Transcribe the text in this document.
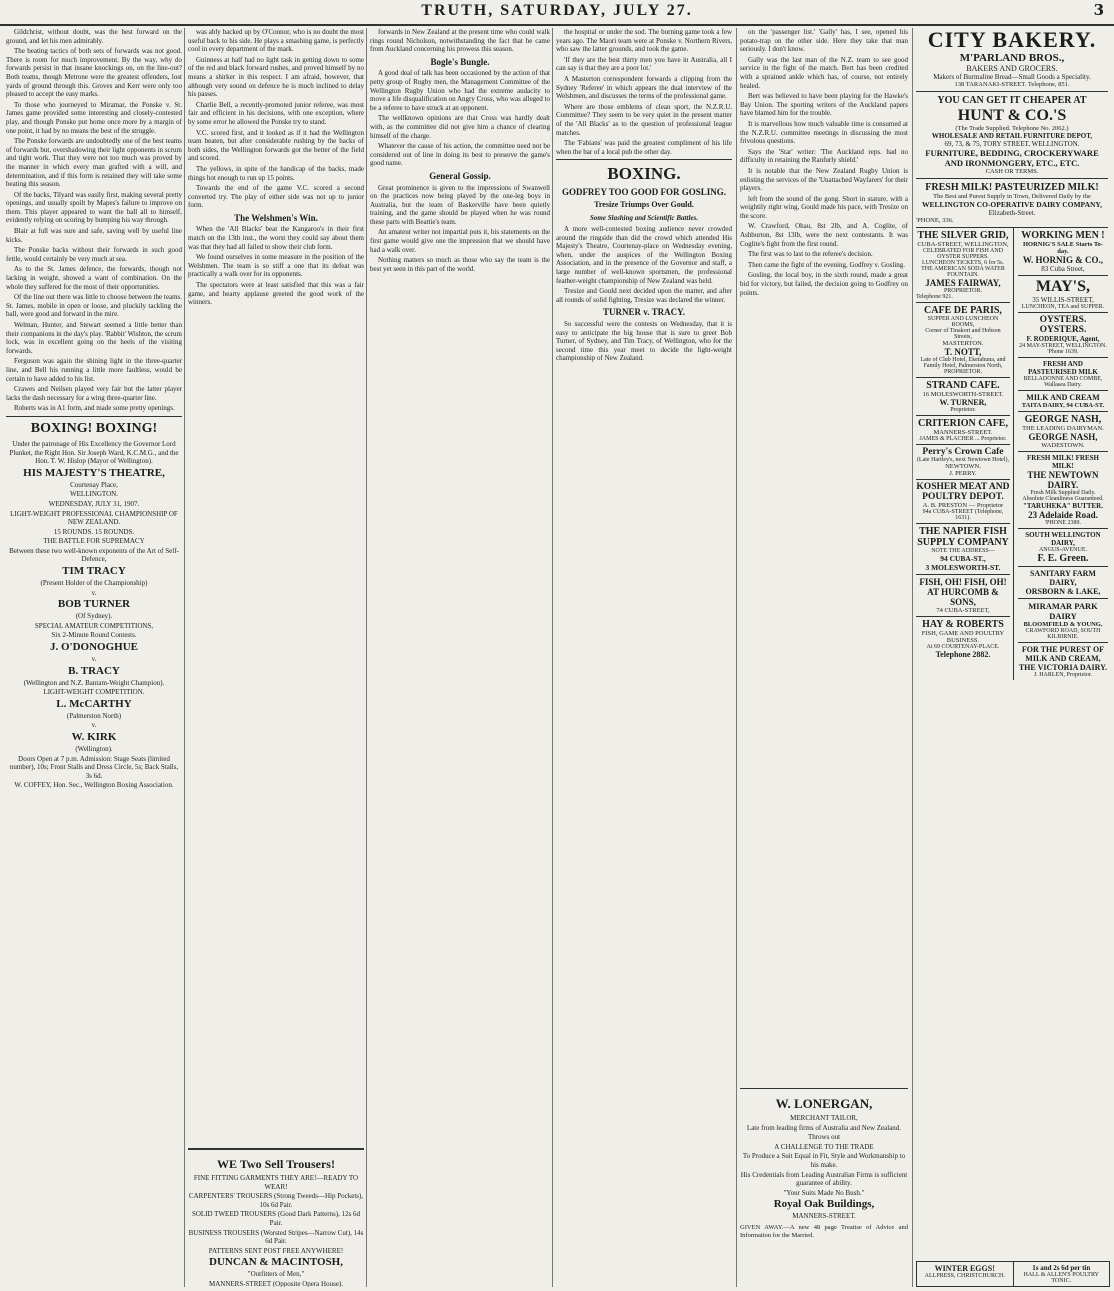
TRUTH, SATURDAY, JULY 27.	3

Gildchrist, without doubt, was the best forward on the ground, and let his men admirably.

The beating tactics of both sets of forwards was not good. There is room for much improvement. By the way, why do forwards persist in that insane knockings on, on the line-out? Both teams, though Metrone were the greatest offenders, lost yards of ground through this. Groves and Kerr were only too pleased to accept the easy marks.

To those who journeyed to Miramar, the Ponske v. St. James game provided some interesting and closely-contested play, and though Ponske put home once more by a margin of one point, it had by no means the best of the struggle.

The Ponske forwards are undoubtedly one of the best teams of forwards but, overshadowing their light opponents in scrum and tight work. That they were not too much was proved by the manner in which every man grafted with a will, and determination, and if this form is retained they will take some beating this season.

Of the backs, Tilyard was easily first, making several pretty openings, and usually spoilt by Mapes's failure to improve on them. This player appeared to want the ball all to himself, evidently relying on scoring by bumping his way through.

Blair at full was sure and safe, saving well by useful line kicks.

The Ponske backs without their forwards in such good fettle, would certainly be very much at sea.

As to the St. James defence, the forwards, though not lacking in weight, showed a want of combination. On the whole they suffered for the most of their opportunities.

Of the line out there was little to choose between the teams. St. James, mobile in open or loose, and pluckily tackling the ball, were good and forward in the mire.

Welman, Hunter, and Stewart seemed a little better than their companions in the day's play. 'Rabbit' Wishton, the scrum lock, was in excellent going on the heels of the visiting forwards.

Ferguson was again the shining light in the three-quarter line, and Bell his running a little more faultless, would be certain to have added to his list.

Crawes and Neilsen played very fair but the latter player lacks the dash necessary for a wing three-quarter line.

Roberts was in A1 form, and made some pretty openings.

BOXING! BOXING!
Under the patronage of His Excellency the Governor Lord Plunket, the Right Hon. Sir Joseph Ward, K.C.M.G., and the Hon. T. W. Hislop (Mayor of Wellington).
HIS MAJESTY'S THEATRE,
Courtenay Place,
WELLINGTON.
WEDNESDAY, JULY 31, 1907.
LIGHT-WEIGHT PROFESSIONAL CHAMPIONSHIP OF NEW ZEALAND.
15 ROUNDS. 15 ROUNDS.
THE BATTLE FOR SUPREMACY
Between these two well-known exponents of the Art of Self-Defence,
TIM TRACY
(Present Holder of the Championship)
v.
BOB TURNER
(Of Sydney).
SPECIAL AMATEUR COMPETITIONS,
Six 2-Minute Round Contests.
J. O'DONOGHUE
v.
B. TRACY
(Wellington and N.Z. Bantam-Weight Champion).
LIGHT-WEIGHT COMPETITION.
L. McCARTHY
(Palmerston North)
v.
W. KIRK
(Wellington).
Doors Open at 7 p.m. Admission: Stage Seats (limited number), 10s; Front Stalls and Dress Circle, 5s; Back Stalls, 3s 6d.
W. COFFEY, Hon. Sec., Wellington Boxing Association.

was ably backed up by O'Connor, who is no doubt the most useful back to his side. He plays a smashing game, is perfectly cool in every department of the mark.

Guinness at half had no light task in getting down to some of the red and black forward rushes, and proved himself by no means a shirker in this respect. I am afraid, however, that although very sound on defence he is much inclined to delay his passes.

Charlie Bell, a recently-promoted junior referee, was most fair and efficient in his decisions, with one exception, where by some error he allowed the Ponske try to stand.

V.C. scored first, and it looked as if it had the Wellington team beaten, but after considerable rushing by the backs of both sides, the Wellington forwards got the better of the field and scored.

The yellows, in spite of the handicap of the backs, made things hot enough to run up 15 points.

Towards the end of the game V.C. scored a second converted try. The play of either side was not up to junior form.

The Welshmen's Win.

When the 'All Blacks' beat the Kangaroo's in their first match on the 13th inst., the worst they could say about them was that they had all failed to show their club form.

We found ourselves in some measure in the position of the Welshmen. The team is so stiff a one that its defeat was practically a walk over for its opponents.

The spectators were at least satisfied that this was a fair game, and hearty applause greeted the good work of the winners.

WE Two Sell Trousers!
FINE FITTING GARMENTS THEY ARE!—READY TO WEAR!
CARPENTERS' TROUSERS (Strong Tweeds—Hip Pockets), 10s 6d Pair.
SOLID TWEED TROUSERS (Good Dark Patterns), 12s 6d Pair.
BUSINESS TROUSERS (Worsted Stripes—Narrow Cut), 14s 6d Pair.
PATTERNS SENT POST FREE ANYWHERE!
DUNCAN & MACINTOSH,
"Outfitters of Men,"
MANNERS-STREET (Opposite Opera House).

forwards in New Zealand at the present time who could walk rings round Nicholson, notwithstanding the fact that he came from Auckland concerning his prowess this season.

Bogle's Bungle.

A good deal of talk has been occasioned by the action of that petty group of Rugby men, the Management Committee of the Wellington Rugby Union who had the extreme audacity to move a life disqualification on Angry Cross, who was alleged to be a referee to have struck at an opponent.

The wellknown opinions are that Cross was hardly dealt with, as the committee did not give him a chance of clearing himself of the charge.

Whatever the cause of his action, the committee need not be considered out of line in doing its best to preserve the game's good name.

General Gossip.

Great prominence is given to the impressions of Swanwell on the practices now being played by the one-leg boys in Australia, but the team of Baskerville have been quietly training, and the game should be played when he was round these parts with Beattie's team.

An amateur writer not impartial puts it, his statements on the first game would give one the impression that we should have had a walk over.

Nothing matters so much as those who say the team is the best yet seen in this part of the world.

the hospital or under the sod. The burning game took a few years ago. The Maori team were at Ponske v. Northern Rivers, who saw the latter grounds, and took the game.

'If they are the best thirty men you have in Australia, all I can say is that they are a poor lot.'

A Masterton correspondent forwards a clipping from the Sydney 'Referee' in which appears the dual interview of the Welshmen, and discusses the terms of the professional game.

Where are those emblems of clean sport, the N.Z.R.U. Committee? They seem to be very quiet in the present matter of the 'All Blacks' as to the question of professional league matches.

The 'Fabians' was paid the greatest compliment of his life when the bar of a local pub the other day.

BOXING.
GODFREY TOO GOOD FOR GOSLING.
Tresize Triumps Over Gould.
Some Slashing and Scientific Battles.

A more well-contested boxing audience never crowded around the ringside than did the crowd which attended His Majesty's Theatre, Courtenay-place on Wednesday evening, when, under the auspices of the Wellington Boxing Association, and in the presence of the Governor and staff, a large number of well-known sportsmen, the professional feather-weight championship of New Zealand was held.

Tresize and Gould next decided upon the matter, and after all rounds of solid fighting, Tresize was declared the winner.

TURNER v. TRACY.

So successful were the contests on Wednesday, that it is easy to anticipate the big house that is sure to greet Bob Turner, of Sydney, and Tim Tracy, of Wellington, who for the second time this year meet to decide the light-weight championship of New Zealand.

on the 'passenger list.' 'Gally' has, I see, opened his potato-trap on the other side. Here they take that man seriously. I don't know.

Gally was the last man of the N.Z. team to see good service in the fight of the match. Bert has been credited with a sprained ankle which has, of course, not entirely healed.

Bert was believed to have been playing for the Hawke's Bay Union. The sporting writers of the Auckland papers have blamed him for the trouble.

It is marvellous how much valuable time is consumed at the N.Z.R.U. committee meetings in discussing the most frivolous questions.

Says the 'Star' writer: 'The Auckland reps. had no difficulty in retaining the Ranfurly shield.'

It is notable that the New Zealand Rugby Union is enlisting the services of the 'Unattached Wayfarers' for their players.

left from the sound of the gong. Short in stature, with a weightily right wing, Gould made his pace, with Tresize on the score.

W. Crawford, Ohau, 8st 2lb, and A. Coglite, of Ashburton, 8st 13lb, were the next contestants. It was Coglite's fight from the first round.

The first was to last to the referee's decision.

Then came the fight of the evening, Godfrey v. Gosling.

Gosling, the local boy, in the sixth round, made a great bid for victory, but failed, the decision going to Godfrey on points.

W. LONERGAN,
MERCHANT TAILOR,
Late from leading firms of Australia and New Zealand.
Throws out
A CHALLENGE TO THE TRADE
To Produce a Suit Equal in Fit, Style and Workmanship to his make.
His Credentials from Leading Australian Firms is sufficient guarantee of ability.
"Your Suits Made No Bush."
Royal Oak Buildings,
MANNERS-STREET.
GIVEN AWAY.—A new 48 page Treatise of Advice and Information for the Married.
CITY BAKERY.
M'PARLAND BROS.,
BAKERS AND GROCERS.
Makers of Burmaline Bread—Small Goods a Speciality.
138 TARANAKI-STREET. Telephone, 851.
YOU CAN GET IT CHEAPER AT
HUNT & CO.'S
(The Trade Supplied. Telephone No. 2062.)
WHOLESALE AND RETAIL FURNITURE DEPOT,
69, 73, & 75, TORY STREET, WELLINGTON.
FURNITURE, BEDDING, CROCKERYWARE AND IRONMONGERY, ETC., ETC.
CASH OR TERMS.
FRESH MILK! PASTEURIZED MILK!
The Best and Purest Supply in Town, Delivered Daily by the
WELLINGTON CO-OPERATIVE DAIRY COMPANY,
Elizabeth-Street.
'PHONE, 336.
THE SILVER GRID,
CUBA-STREET, WELLINGTON,
CELEBRATED FOR FISH AND OYSTER SUPPERS.
LUNCHEON TICKETS, 6 for 5s.
THE AMERICAN SODA WATER FOUNTAIN.
JAMES FAIRWAY,
PROPRIETOR.
Telephone 921.
CAFE DE PARIS,
SUPPER AND LUNCHEON ROOMS,
Corner of Tinakori and Hobson Streets,
MASTERTON.
T. NOTT,
Late of Club Hotel, Eketahuna, and Family Hotel, Palmerston North,
PROPRIETOR.
STRAND CAFE.
16 MOLESWORTH-STREET.
W. TURNER,
Proprietor.
CRITERION CAFE,
MANNERS-STREET.
JAMES & PLACHER ... Proprietor.
Perry's Crown Cafe
(Late Hartley's, next Newtown Hotel),
NEWTOWN.
J. PERRY.
KOSHER MEAT AND POULTRY DEPOT.
A. B. PRESTON — Proprietor
94a CUBA-STREET (Telephone, 1631).
THE NAPIER FISH SUPPLY COMPANY
NOTE THE ADDRESS—
94 CUBA-ST.,
3 MOLESWORTH-ST.
FISH, OH! FISH, OH!
AT HURCOMB & SONS,
74 CUBA-STREET,
HAY & ROBERTS
FISH, GAME AND POULTRY BUSINESS.
At 69 COURTENAY-PLACE.
Telephone 2882.
WORKING MEN !
HORNIG'S SALE Starts To-day.
W. HORNIG & CO.,
83 Cuba Street,
MAY'S,
35 WILLIS-STREET,
LUNCHEON, TEA and SUPPER.
OYSTERS. OYSTERS.
F. RODERIQUE, Agent,
24 MAY-STREET, WELLINGTON.
'Phone 1639.
FRESH AND PASTEURISED MILK
BELLADONNE AND COMBE,
Wallasea Dairy.
MILK AND CREAM
TAITA DAIRY, 94 CUBA-ST.
GEORGE NASH,
THE LEADING DAIRYMAN.
GEORGE NASH,
WADESTOWN.
FRESH MILK! FRESH MILK!
THE NEWTOWN DAIRY.
Fresh Milk Supplied Daily.
Absolute Cleanliness Guaranteed.
"TARUHEKA" BUTTER.
23 Adelaide Road.
'PHONE 2389.
SOUTH WELLINGTON DAIRY,
ANGUS-AVENUE.
F. E. Green.
SANITARY FARM DAIRY,
ORSBORN & LAKE,
MIRAMAR PARK DAIRY
BLOOMFIELD & YOUNG,
CRAWFORD ROAD, SOUTH KILBIRNIE.
FOR THE PUREST OF
MILK AND CREAM,
THE VICTORIA DAIRY.
J. HARLEN, Proprietor.
WINTER EGGS!
ALLPRESS, CHRISTCHURCH.
1s and 2s 6d per tin
HALL & ALLEN'S POULTRY TONIC.
